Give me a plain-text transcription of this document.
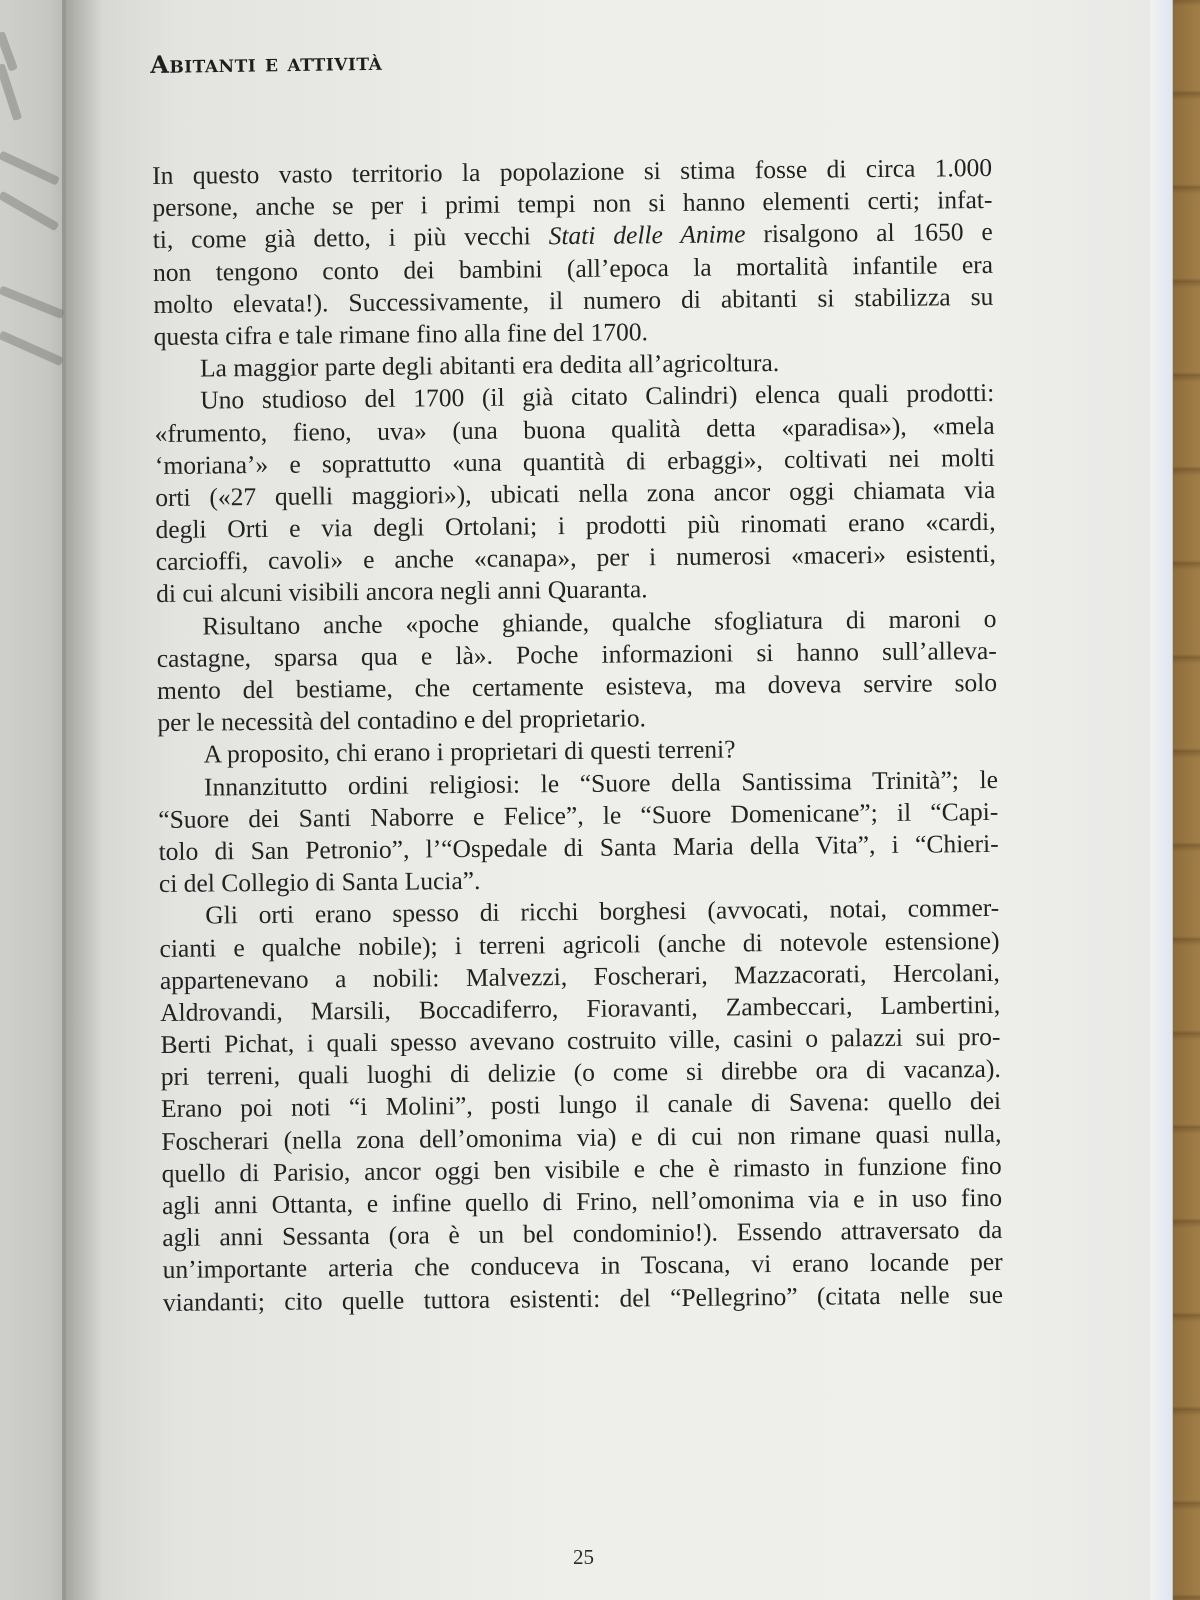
Abitanti e attività
In questo vasto territorio la popolazione si stima fosse di circa 1.000
persone, anche se per i primi tempi non si hanno elementi certi; infat-
ti, come già detto, i più vecchi Stati delle Anime risalgono al 1650 e
non tengono conto dei bambini (all’epoca la mortalità infantile era
molto elevata!). Successivamente, il numero di abitanti si stabilizza su
questa cifra e tale rimane fino alla fine del 1700.
La maggior parte degli abitanti era dedita all’agricoltura.
Uno studioso del 1700 (il già citato Calindri) elenca quali prodotti:
«frumento, fieno, uva» (una buona qualità detta «paradisa»), «mela
‘moriana’» e soprattutto «una quantità di erbaggi», coltivati nei molti
orti («27 quelli maggiori»), ubicati nella zona ancor oggi chiamata via
degli Orti e via degli Ortolani; i prodotti più rinomati erano «cardi,
carcioffi, cavoli» e anche «canapa», per i numerosi «maceri» esistenti,
di cui alcuni visibili ancora negli anni Quaranta.
Risultano anche «poche ghiande, qualche sfogliatura di maroni o
castagne, sparsa qua e là». Poche informazioni si hanno sull’alleva-
mento del bestiame, che certamente esisteva, ma doveva servire solo
per le necessità del contadino e del proprietario.
A proposito, chi erano i proprietari di questi terreni?
Innanzitutto ordini religiosi: le “Suore della Santissima Trinità”; le
“Suore dei Santi Naborre e Felice”, le “Suore Domenicane”; il “Capi-
tolo di San Petronio”, l’“Ospedale di Santa Maria della Vita”, i “Chieri-
ci del Collegio di Santa Lucia”.
Gli orti erano spesso di ricchi borghesi (avvocati, notai, commer-
cianti e qualche nobile); i terreni agricoli (anche di notevole estensione)
appartenevano a nobili: Malvezzi, Foscherari, Mazzacorati, Hercolani,
Aldrovandi, Marsili, Boccadiferro, Fioravanti, Zambeccari, Lambertini,
Berti Pichat, i quali spesso avevano costruito ville, casini o palazzi sui pro-
pri terreni, quali luoghi di delizie (o come si direbbe ora di vacanza).
Erano poi noti “i Molini”, posti lungo il canale di Savena: quello dei
Foscherari (nella zona dell’omonima via) e di cui non rimane quasi nulla,
quello di Parisio, ancor oggi ben visibile e che è rimasto in funzione fino
agli anni Ottanta, e infine quello di Frino, nell’omonima via e in uso fino
agli anni Sessanta (ora è un bel condominio!). Essendo attraversato da
un’importante arteria che conduceva in Toscana, vi erano locande per
viandanti; cito quelle tuttora esistenti: del “Pellegrino” (citata nelle sue
25
